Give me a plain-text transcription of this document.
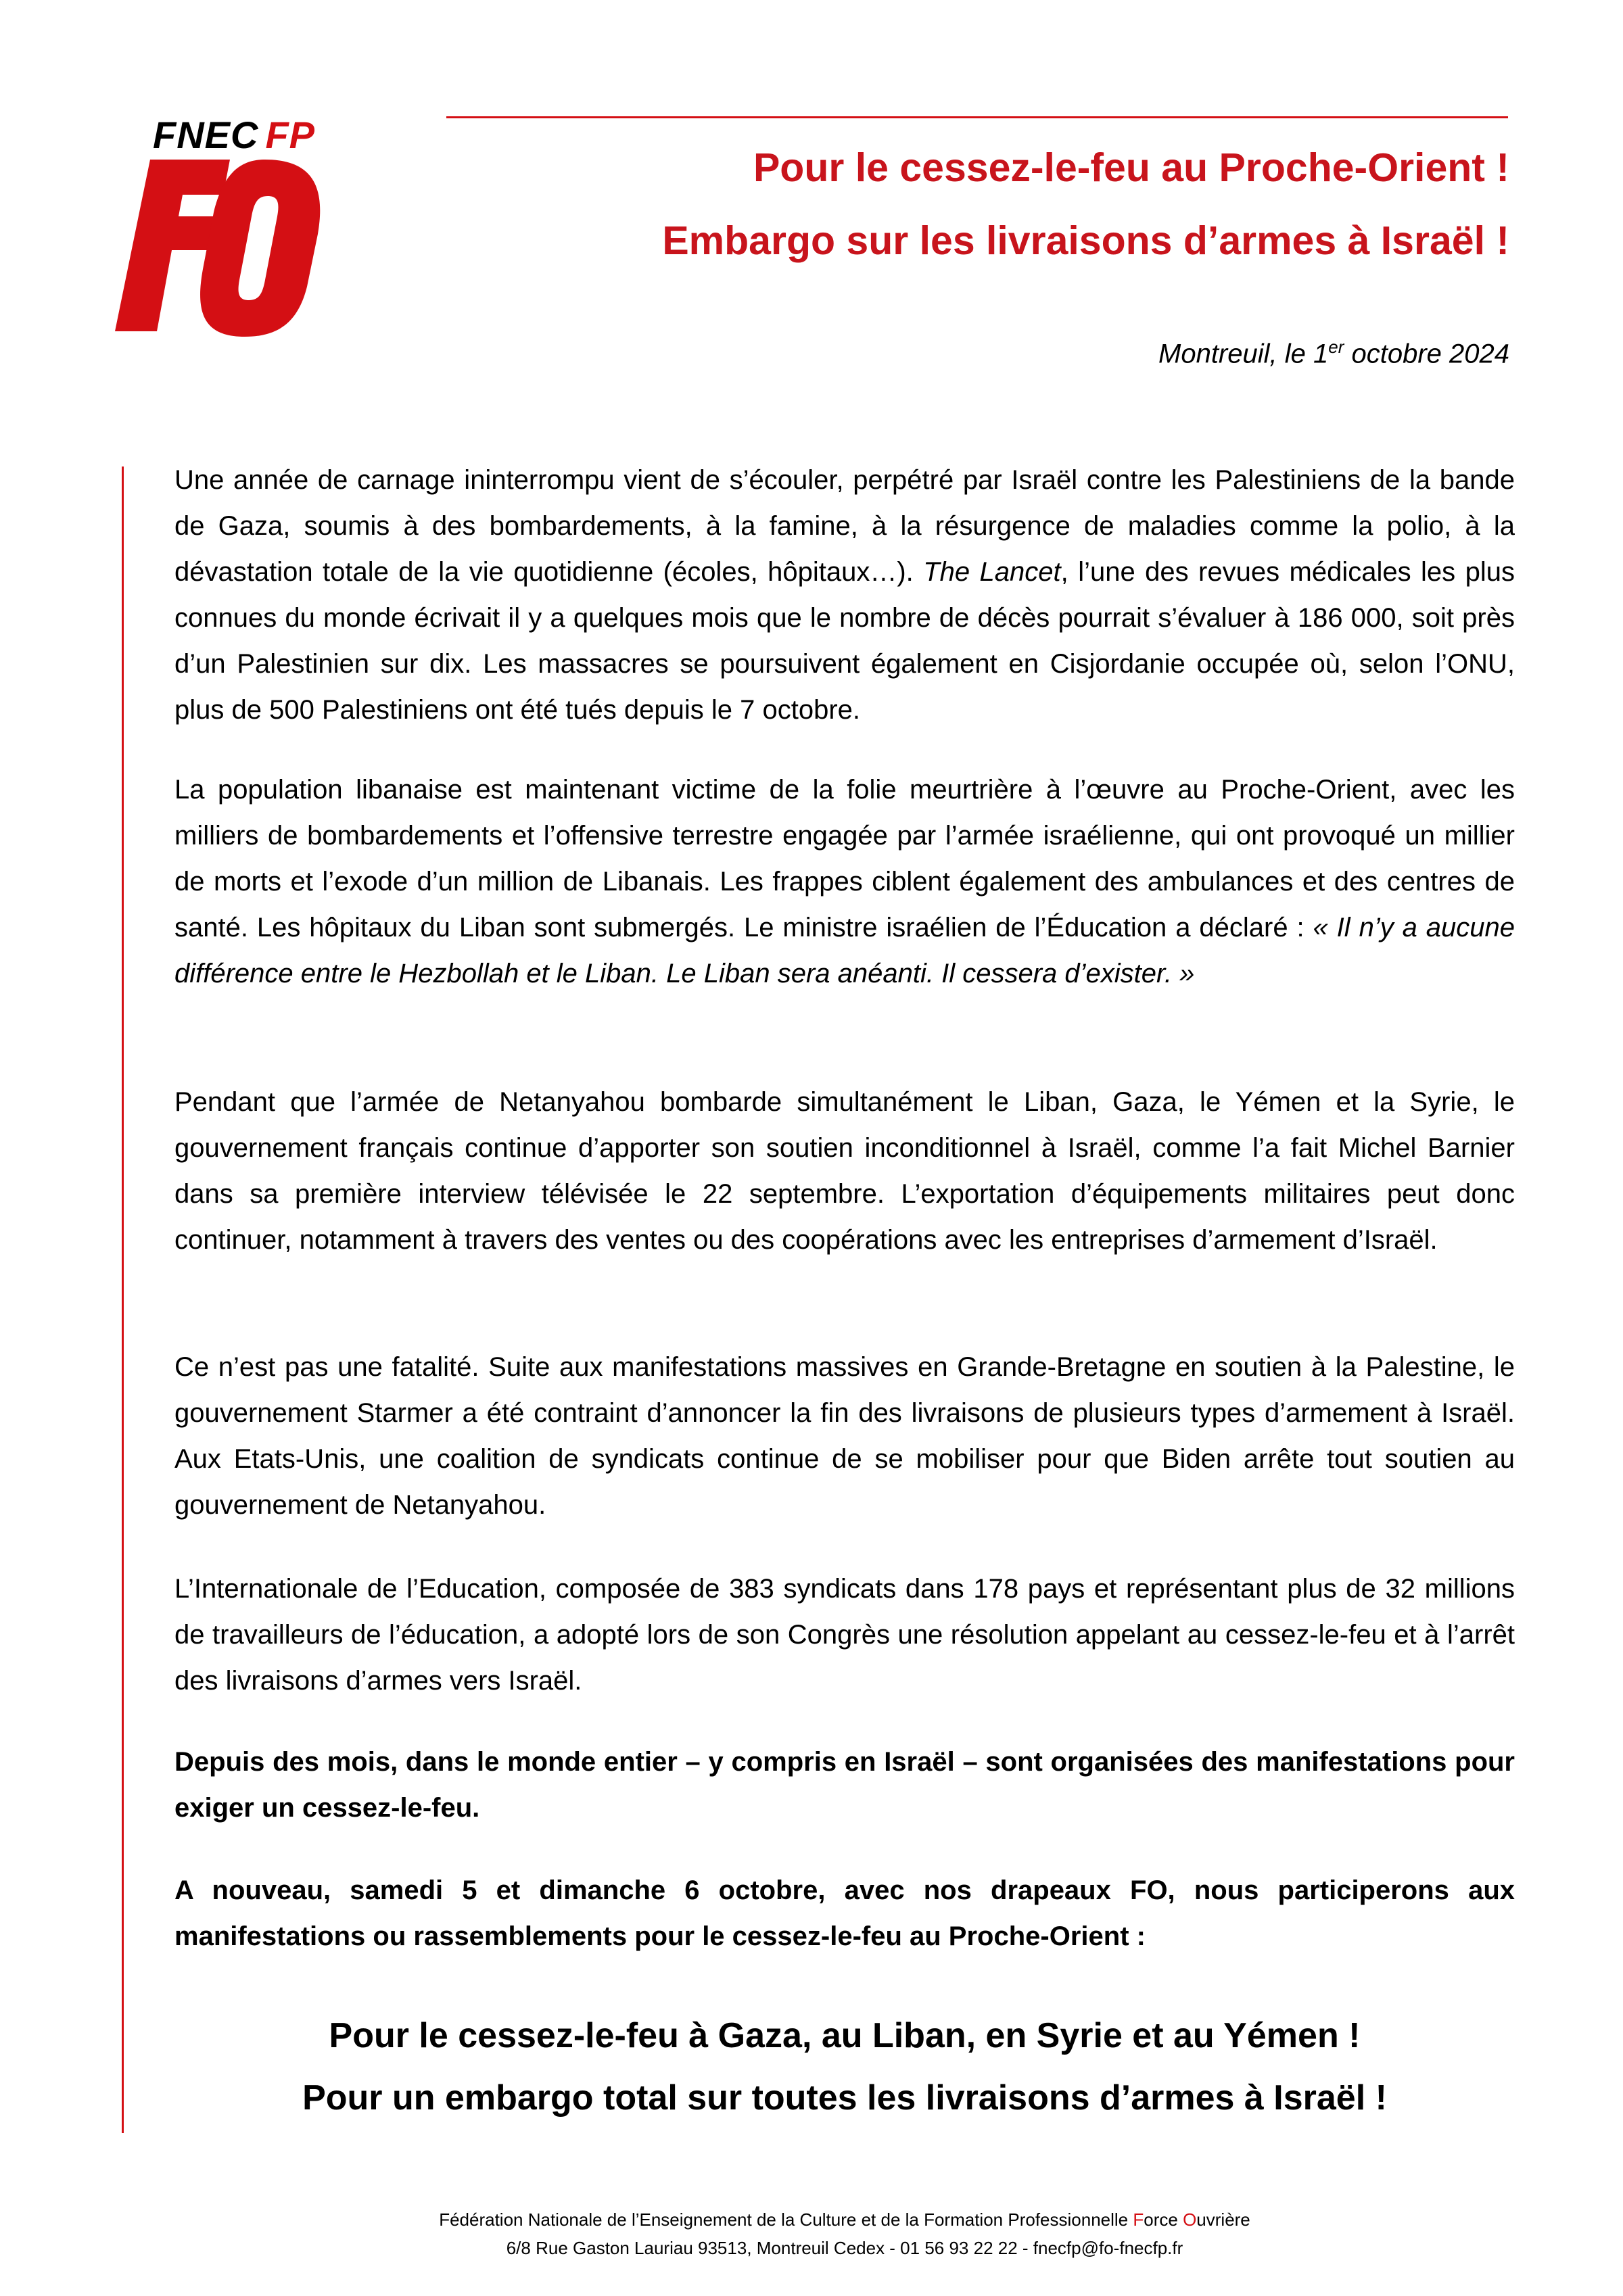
FNEC FP
Pour le cessez-le-feu au Proche-Orient !
Embargo sur les livraisons d’armes à Israël !
Montreuil, le 1er octobre 2024

Une année de carnage ininterrompu vient de s’écouler, perpétré par Israël contre les Palestiniens de la bande de Gaza, soumis à des bombardements, à la famine, à la résurgence de maladies comme la polio, à la dévastation totale de la vie quotidienne (écoles, hôpitaux…). The Lancet, l’une des revues médicales les plus connues du monde écrivait il y a quelques mois que le nombre de décès pourrait s’évaluer à 186 000, soit près d’un Palestinien sur dix. Les massacres se poursuivent également en Cisjordanie occupée où, selon l’ONU, plus de 500 Palestiniens ont été tués depuis le 7 octobre.

La population libanaise est maintenant victime de la folie meurtrière à l’œuvre au Proche-Orient, avec les milliers de bombardements et l’offensive terrestre engagée par l’armée israélienne, qui ont provoqué un millier de morts et l’exode d’un million de Libanais. Les frappes ciblent également des ambulances et des centres de santé. Les hôpitaux du Liban sont submergés. Le ministre israélien de l’Éducation a déclaré : « Il n’y a aucune différence entre le Hezbollah et le Liban. Le Liban sera anéanti. Il cessera d’exister. »

Pendant que l’armée de Netanyahou bombarde simultanément le Liban, Gaza, le Yémen et la Syrie, le gouvernement français continue d’apporter son soutien inconditionnel à Israël, comme l’a fait Michel Barnier dans sa première interview télévisée le 22 septembre. L’exportation d’équipements militaires peut donc continuer, notamment à travers des ventes ou des coopérations avec les entreprises d’armement d’Israël.

Ce n’est pas une fatalité. Suite aux manifestations massives en Grande-Bretagne en soutien à la Palestine, le gouvernement Starmer a été contraint d’annoncer la fin des livraisons de plusieurs types d’armement à Israël. Aux Etats-Unis, une coalition de syndicats continue de se mobiliser pour que Biden arrête tout soutien au gouvernement de Netanyahou.

L’Internationale de l’Education, composée de 383 syndicats dans 178 pays et représentant plus de 32 millions de travailleurs de l’éducation, a adopté lors de son Congrès une résolution appelant au cessez-le-feu et à l’arrêt des livraisons d’armes vers Israël.

Depuis des mois, dans le monde entier – y compris en Israël – sont organisées des manifestations pour exiger un cessez-le-feu.

A nouveau, samedi 5 et dimanche 6 octobre, avec nos drapeaux FO, nous participerons aux manifestations ou rassemblements pour le cessez-le-feu au Proche-Orient :

Pour le cessez-le-feu à Gaza, au Liban, en Syrie et au Yémen !
Pour un embargo total sur toutes les livraisons d’armes à Israël !
Fédération Nationale de l’Enseignement de la Culture et de la Formation Professionnelle Force Ouvrière
6/8 Rue Gaston Lauriau 93513, Montreuil Cedex - 01 56 93 22 22 - fnecfp@fo-fnecfp.fr
